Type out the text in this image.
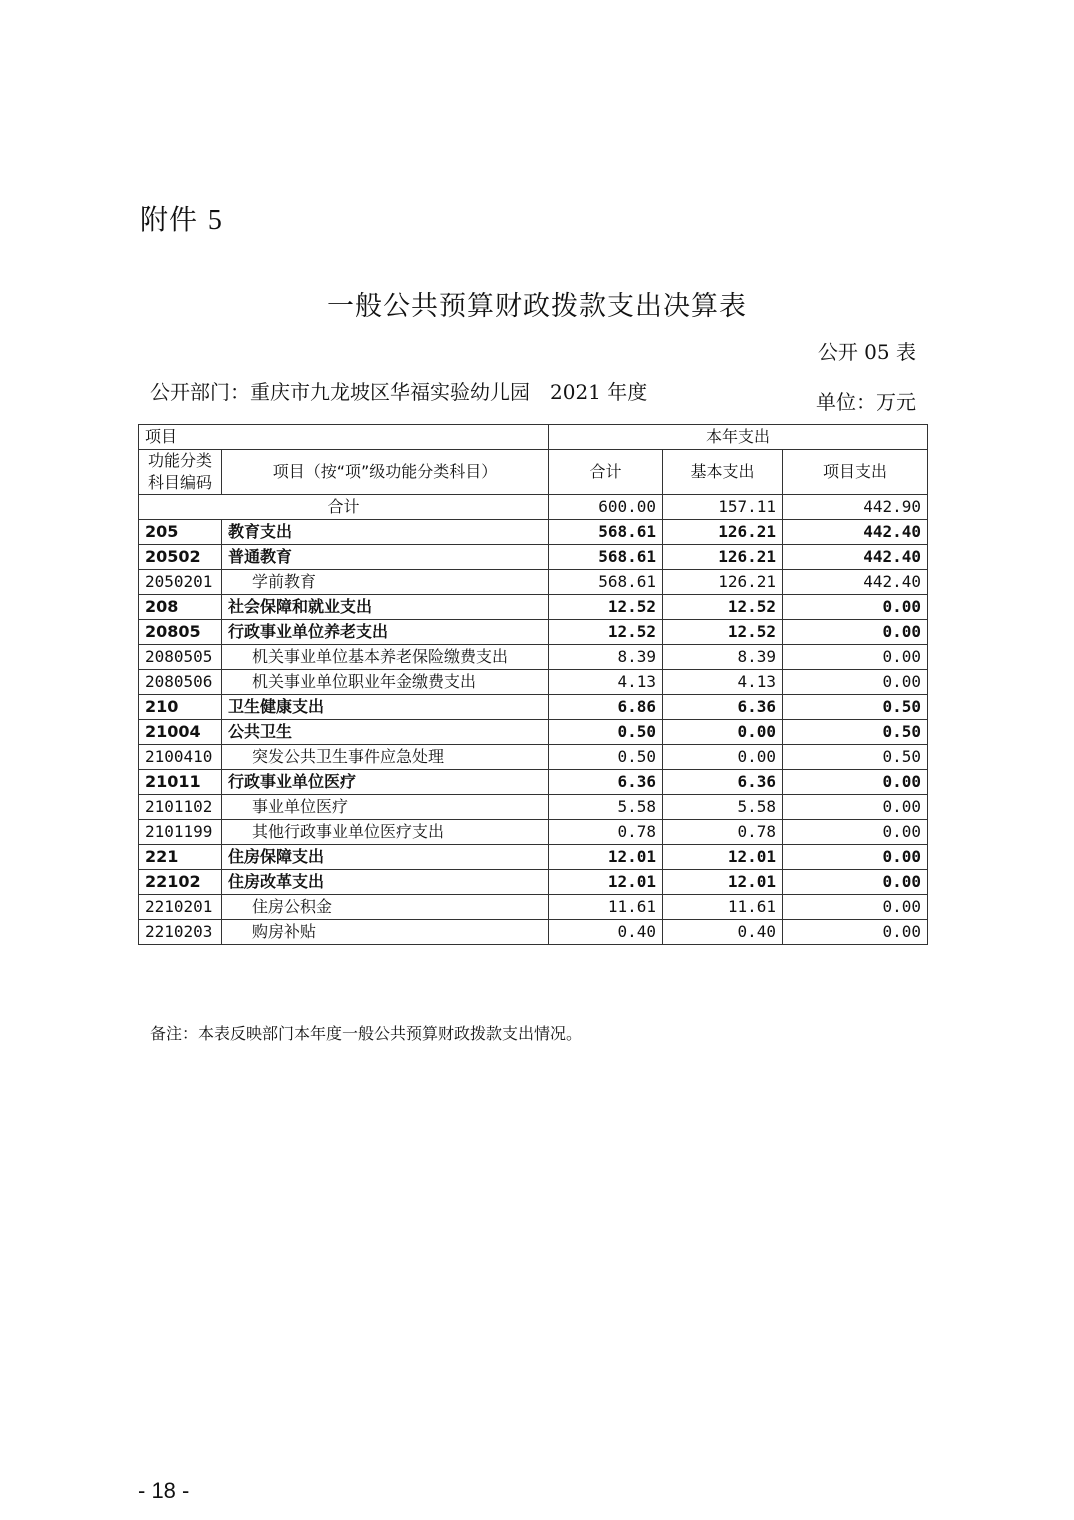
附件 5
一般公共预算财政拨款支出决算表
公开 05 表
公开部门：重庆市九龙坡区华福实验幼儿园　2021 年度	单位：万元
项目		本年支出		
功能分类科目编码	项目（按“项”级功能分类科目）	合计	基本支出	项目支出
合计		600.00	157.11	442.90
205	教育支出	568.61	126.21	442.40
20502	普通教育	568.61	126.21	442.40
2050201	学前教育	568.61	126.21	442.40
208	社会保障和就业支出	12.52	12.52	0.00
20805	行政事业单位养老支出	12.52	12.52	0.00
2080505	机关事业单位基本养老保险缴费支出	8.39	8.39	0.00
2080506	机关事业单位职业年金缴费支出	4.13	4.13	0.00
210	卫生健康支出	6.86	6.36	0.50
21004	公共卫生	0.50	0.00	0.50
2100410	突发公共卫生事件应急处理	0.50	0.00	0.50
21011	行政事业单位医疗	6.36	6.36	0.00
2101102	事业单位医疗	5.58	5.58	0.00
2101199	其他行政事业单位医疗支出	0.78	0.78	0.00
221	住房保障支出	12.01	12.01	0.00
22102	住房改革支出	12.01	12.01	0.00
2210201	住房公积金	11.61	11.61	0.00
2210203	购房补贴	0.40	0.40	0.00
备注：本表反映部门本年度一般公共预算财政拨款支出情况。
- 18 -
